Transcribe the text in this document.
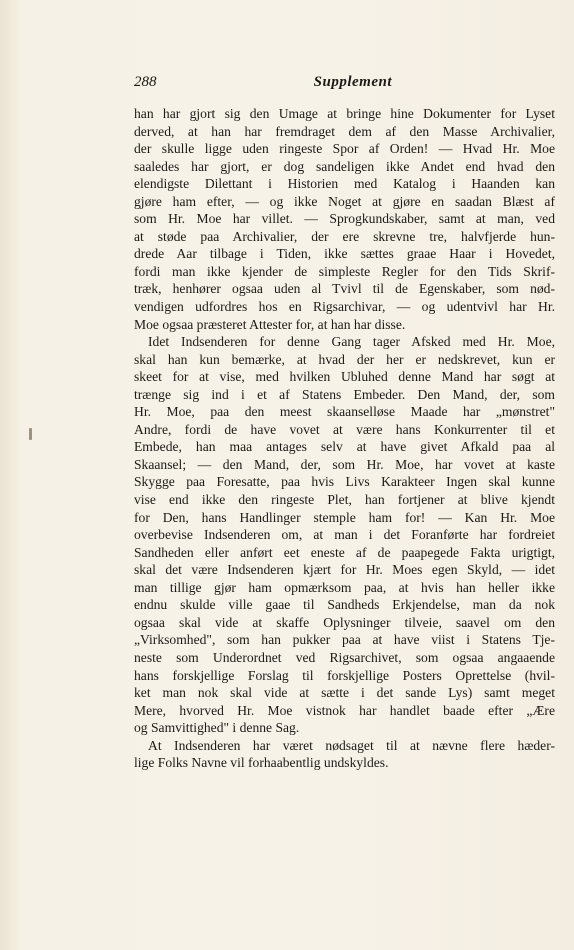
288	Supplement
han har gjort sig den Umage at bringe hine Dokumenter for Lyset
derved, at han har fremdraget dem af den Masse Archivalier,
der skulle ligge uden ringeste Spor af Orden! — Hvad Hr. Moe
saaledes har gjort, er dog sandeligen ikke Andet end hvad den
elendigste Dilettant i Historien med Katalog i Haanden kan
gjøre ham efter, — og ikke Noget at gjøre en saadan Blæst af
som Hr. Moe har villet. — Sprogkundskaber, samt at man, ved
at støde paa Archivalier, der ere skrevne tre, halvfjerde hun-
drede Aar tilbage i Tiden, ikke sættes graae Haar i Hovedet,
fordi man ikke kjender de simpleste Regler for den Tids Skrif-
træk, henhører ogsaa uden al Tvivl til de Egenskaber, som nød-
vendigen udfordres hos en Rigsarchivar, — og udentvivl har Hr.
Moe ogsaa præsteret Attester for, at han har disse.
Idet Indsenderen for denne Gang tager Afsked med Hr. Moe,
skal han kun bemærke, at hvad der her er nedskrevet, kun er
skeet for at vise, med hvilken Ubluhed denne Mand har søgt at
trænge sig ind i et af Statens Embeder. Den Mand, der, som
Hr. Moe, paa den meest skaanselløse Maade har „mønstret"
Andre, fordi de have vovet at være hans Konkurrenter til et
Embede, han maa antages selv at have givet Afkald paa al
Skaansel; — den Mand, der, som Hr. Moe, har vovet at kaste
Skygge paa Foresatte, paa hvis Livs Karakteer Ingen skal kunne
vise end ikke den ringeste Plet, han fortjener at blive kjendt
for Den, hans Handlinger stemple ham for! — Kan Hr. Moe
overbevise Indsenderen om, at man i det Foranførte har fordreiet
Sandheden eller anført eet eneste af de paapegede Fakta urigtigt,
skal det være Indsenderen kjært for Hr. Moes egen Skyld, — idet
man tillige gjør ham opmærksom paa, at hvis han heller ikke
endnu skulde ville gaae til Sandheds Erkjendelse, man da nok
ogsaa skal vide at skaffe Oplysninger tilveie, saavel om den
„Virksomhed", som han pukker paa at have viist i Statens Tje-
neste som Underordnet ved Rigsarchivet, som ogsaa angaaende
hans forskjellige Forslag til forskjellige Posters Oprettelse (hvil-
ket man nok skal vide at sætte i det sande Lys) samt meget
Mere, hvorved Hr. Moe vistnok har handlet baade efter „Ære
og Samvittighed" i denne Sag.
At Indsenderen har været nødsaget til at nævne flere hæder-
lige Folks Navne vil forhaabentlig undskyldes.
